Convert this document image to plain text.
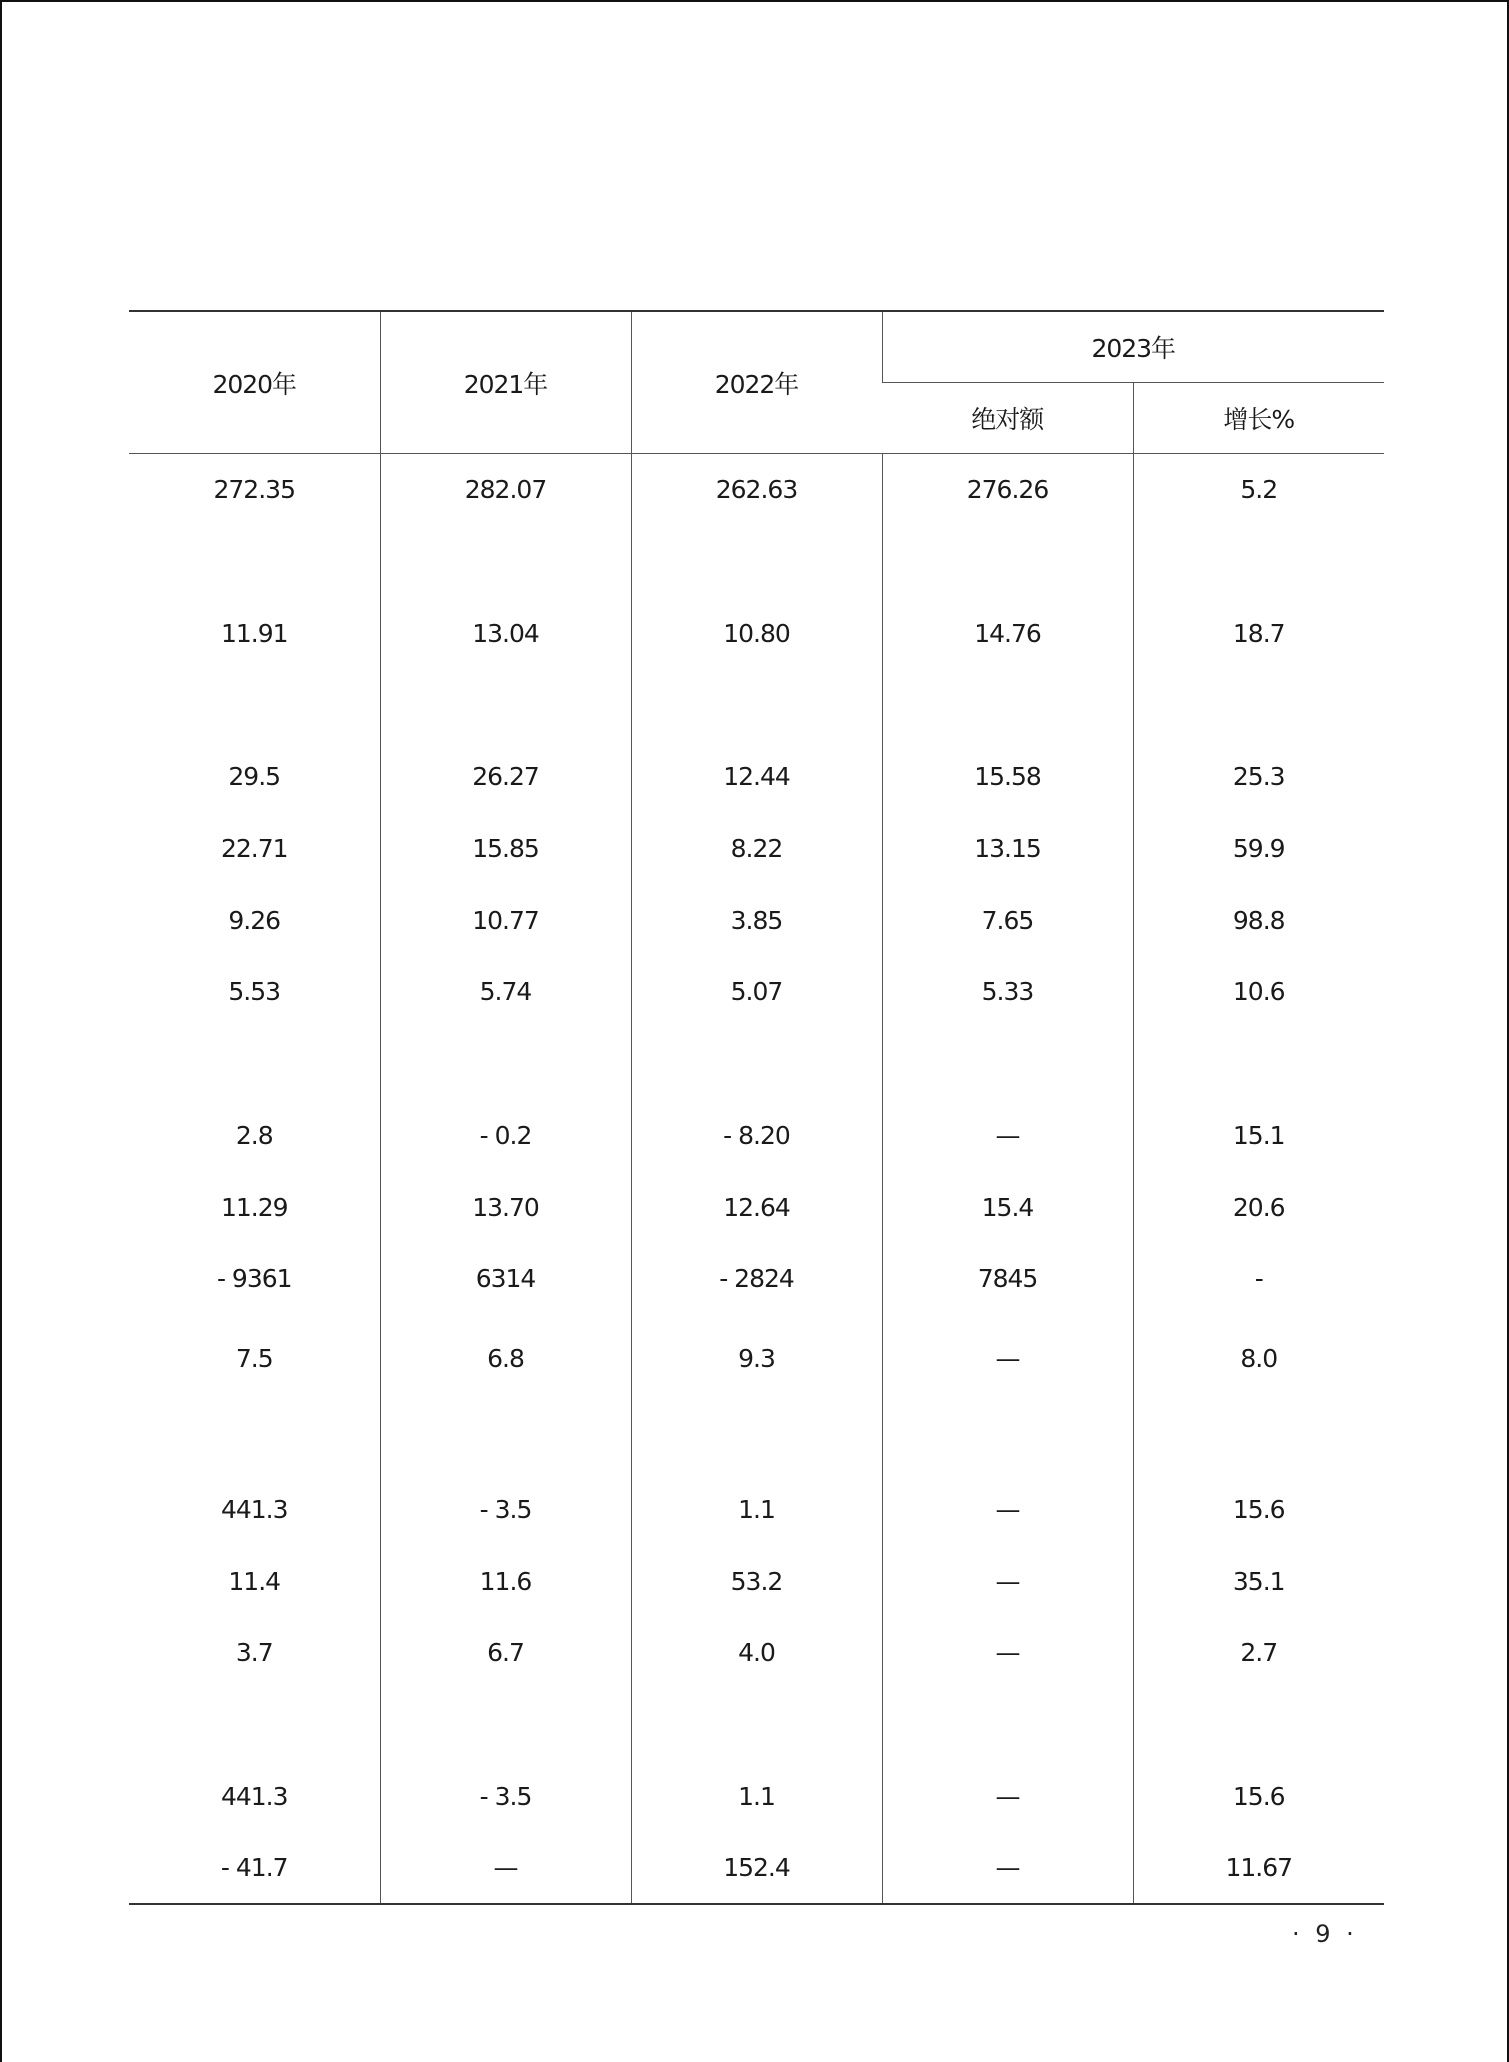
2020年	2021年	2022年	2023年	
			绝对额	增长%
272.35	282.07	262.63	276.26	5.2

11.91	13.04	10.80	14.76	18.7

29.5	26.27	12.44	15.58	25.3
22.71	15.85	8.22	13.15	59.9
9.26	10.77	3.85	7.65	98.8
5.53	5.74	5.07	5.33	10.6

2.8	- 0.2	- 8.20	—	15.1
11.29	13.70	12.64	15.4	20.6
- 9361	6314	- 2824	7845	-
7.5	6.8	9.3	—	8.0

441.3	- 3.5	1.1	—	15.6
11.4	11.6	53.2	—	35.1
3.7	6.7	4.0	—	2.7

441.3	- 3.5	1.1	—	15.6
- 41.7	—	152.4	—	11.67
· 9 ·
